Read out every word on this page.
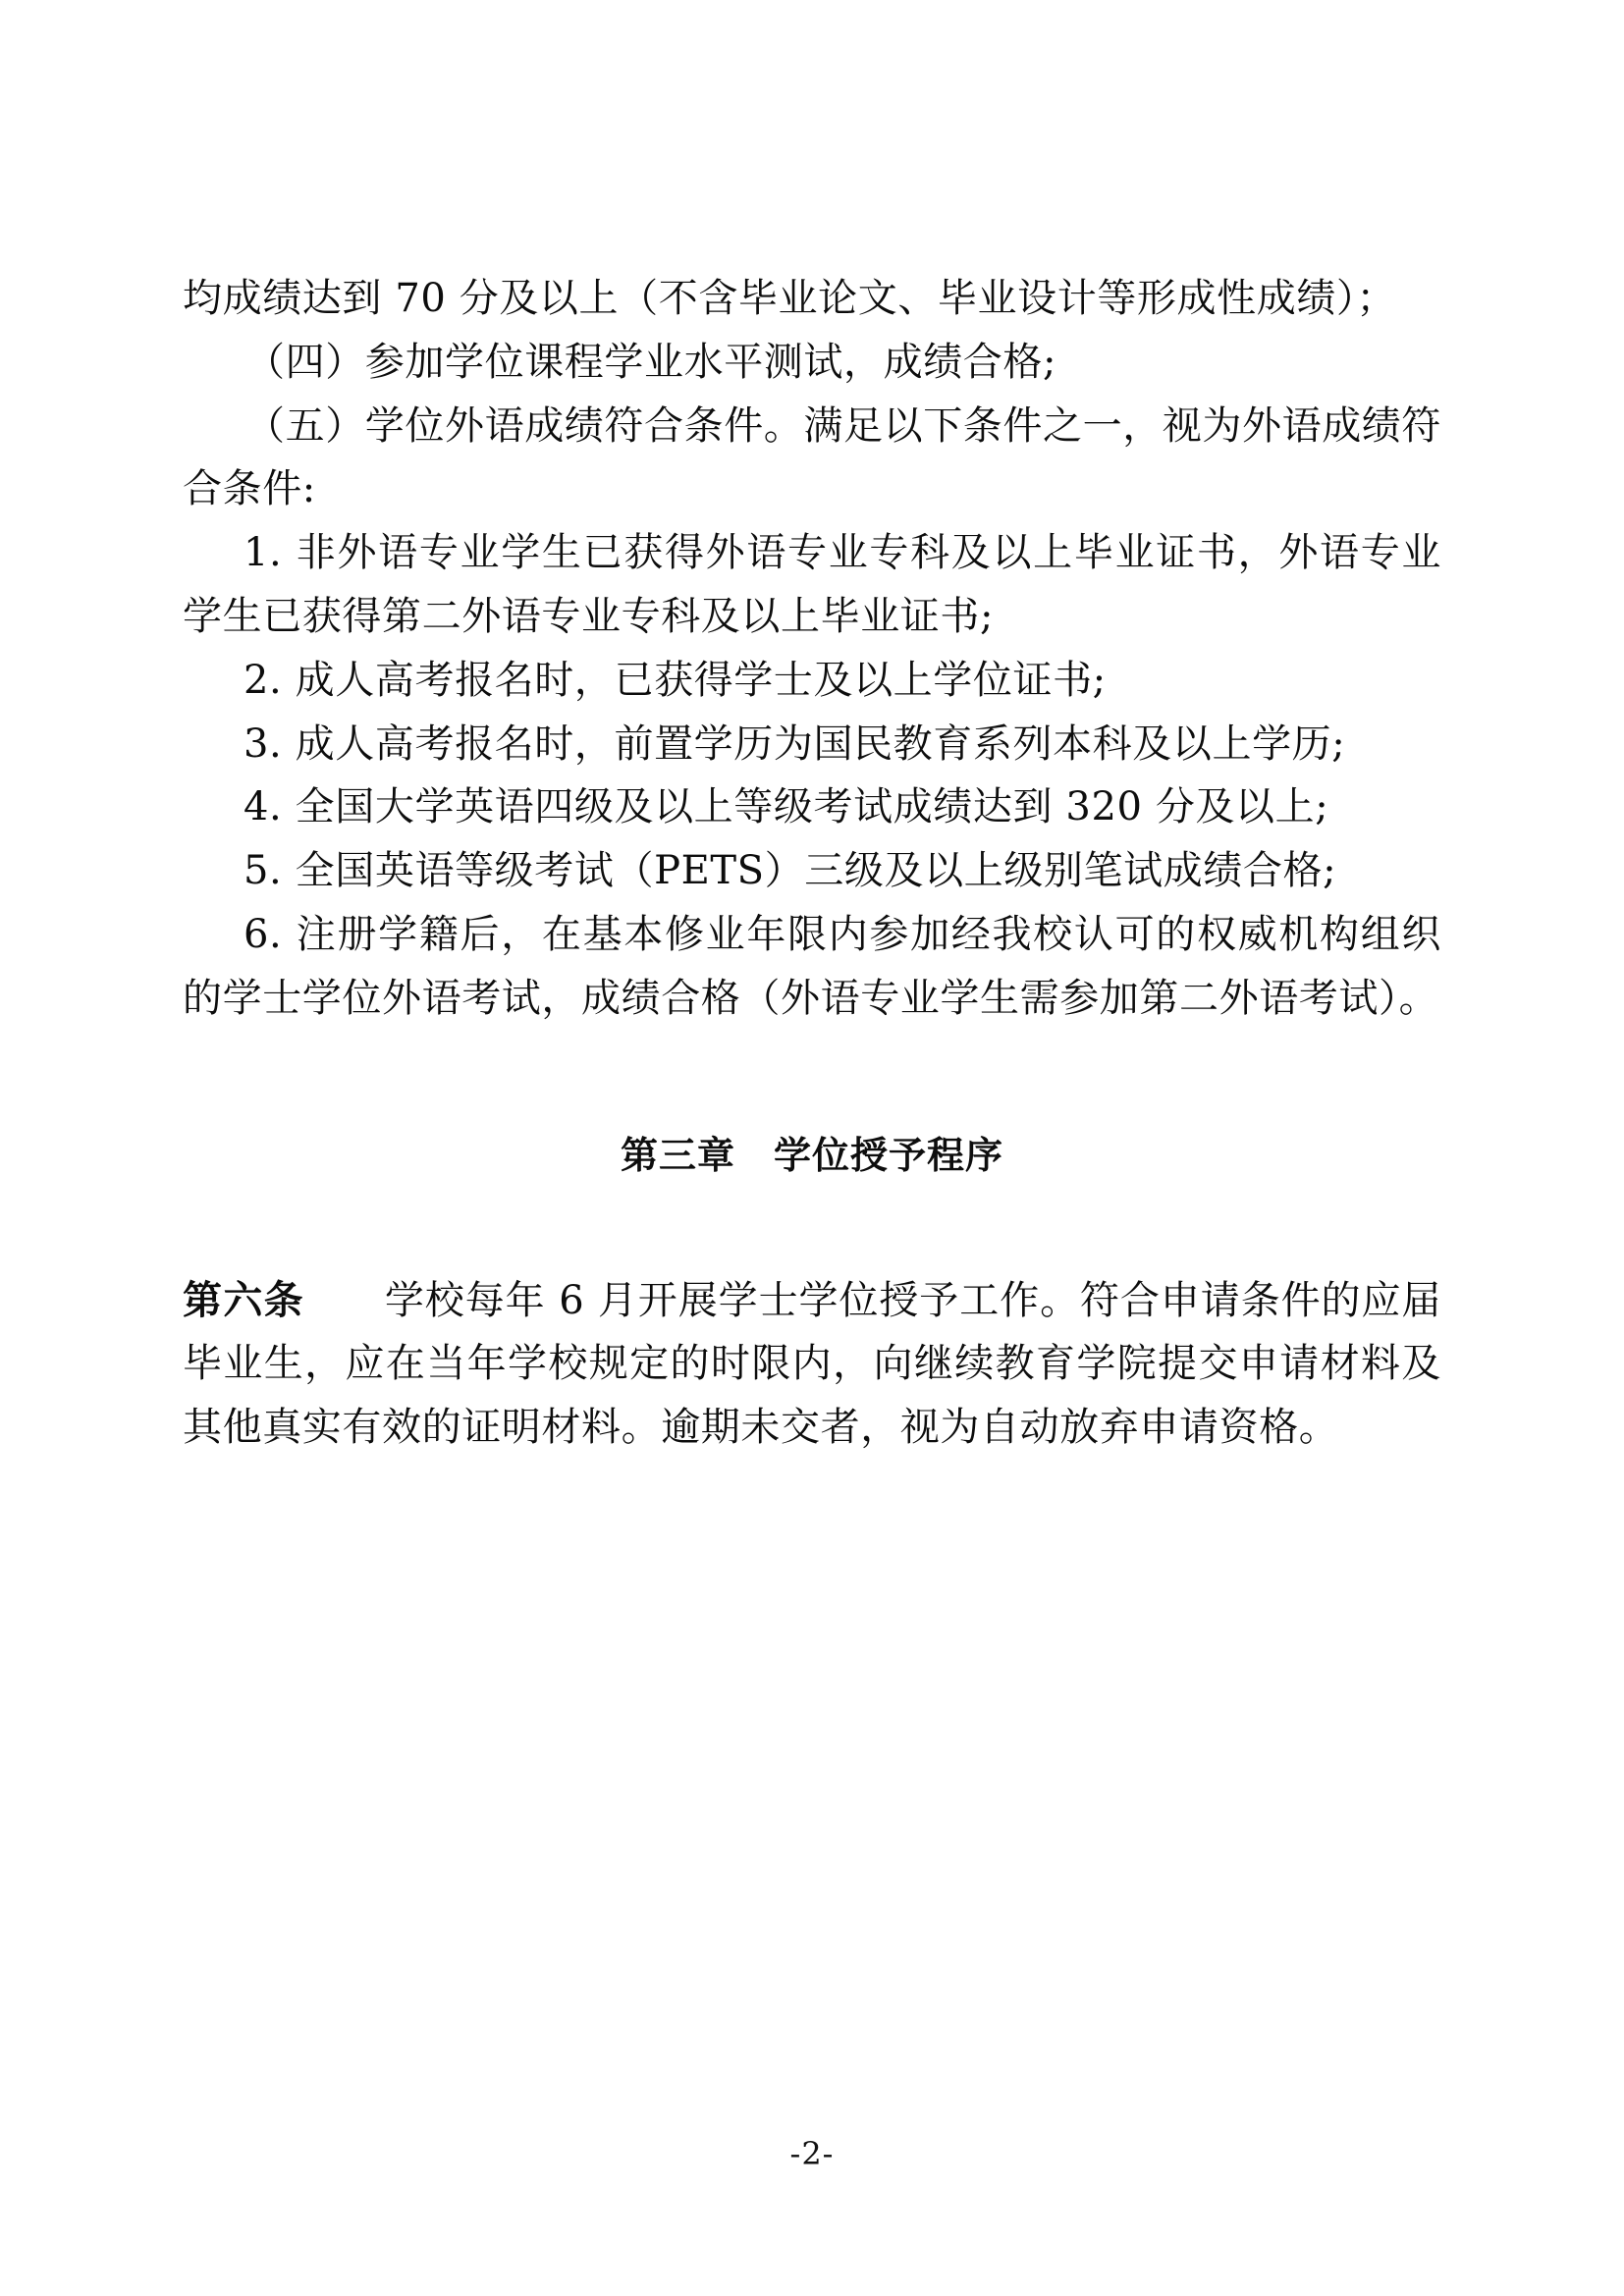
均成绩达到 70 分及以上（不含毕业论文、毕业设计等形成性成绩）；

（四）参加学位课程学业水平测试，成绩合格;

（五）学位外语成绩符合条件。满足以下条件之一，视为外语成绩符合条件:

1. 非外语专业学生已获得外语专业专科及以上毕业证书，外语专业学生已获得第二外语专业专科及以上毕业证书;

2. 成人高考报名时，已获得学士及以上学位证书;

3. 成人高考报名时，前置学历为国民教育系列本科及以上学历;

4. 全国大学英语四级及以上等级考试成绩达到 320 分及以上;

5. 全国英语等级考试（PETS）三级及以上级别笔试成绩合格;

6. 注册学籍后，在基本修业年限内参加经我校认可的权威机构组织的学士学位外语考试，成绩合格（外语专业学生需参加第二外语考试）。

第三章　学位授予程序

第六条　　 学校每年 6 月开展学士学位授予工作。符合申请条件的应届毕业生，应在当年学校规定的时限内，向继续教育学院提交申请材料及其他真实有效的证明材料。逾期未交者，视为自动放弃申请资格。

-2-
